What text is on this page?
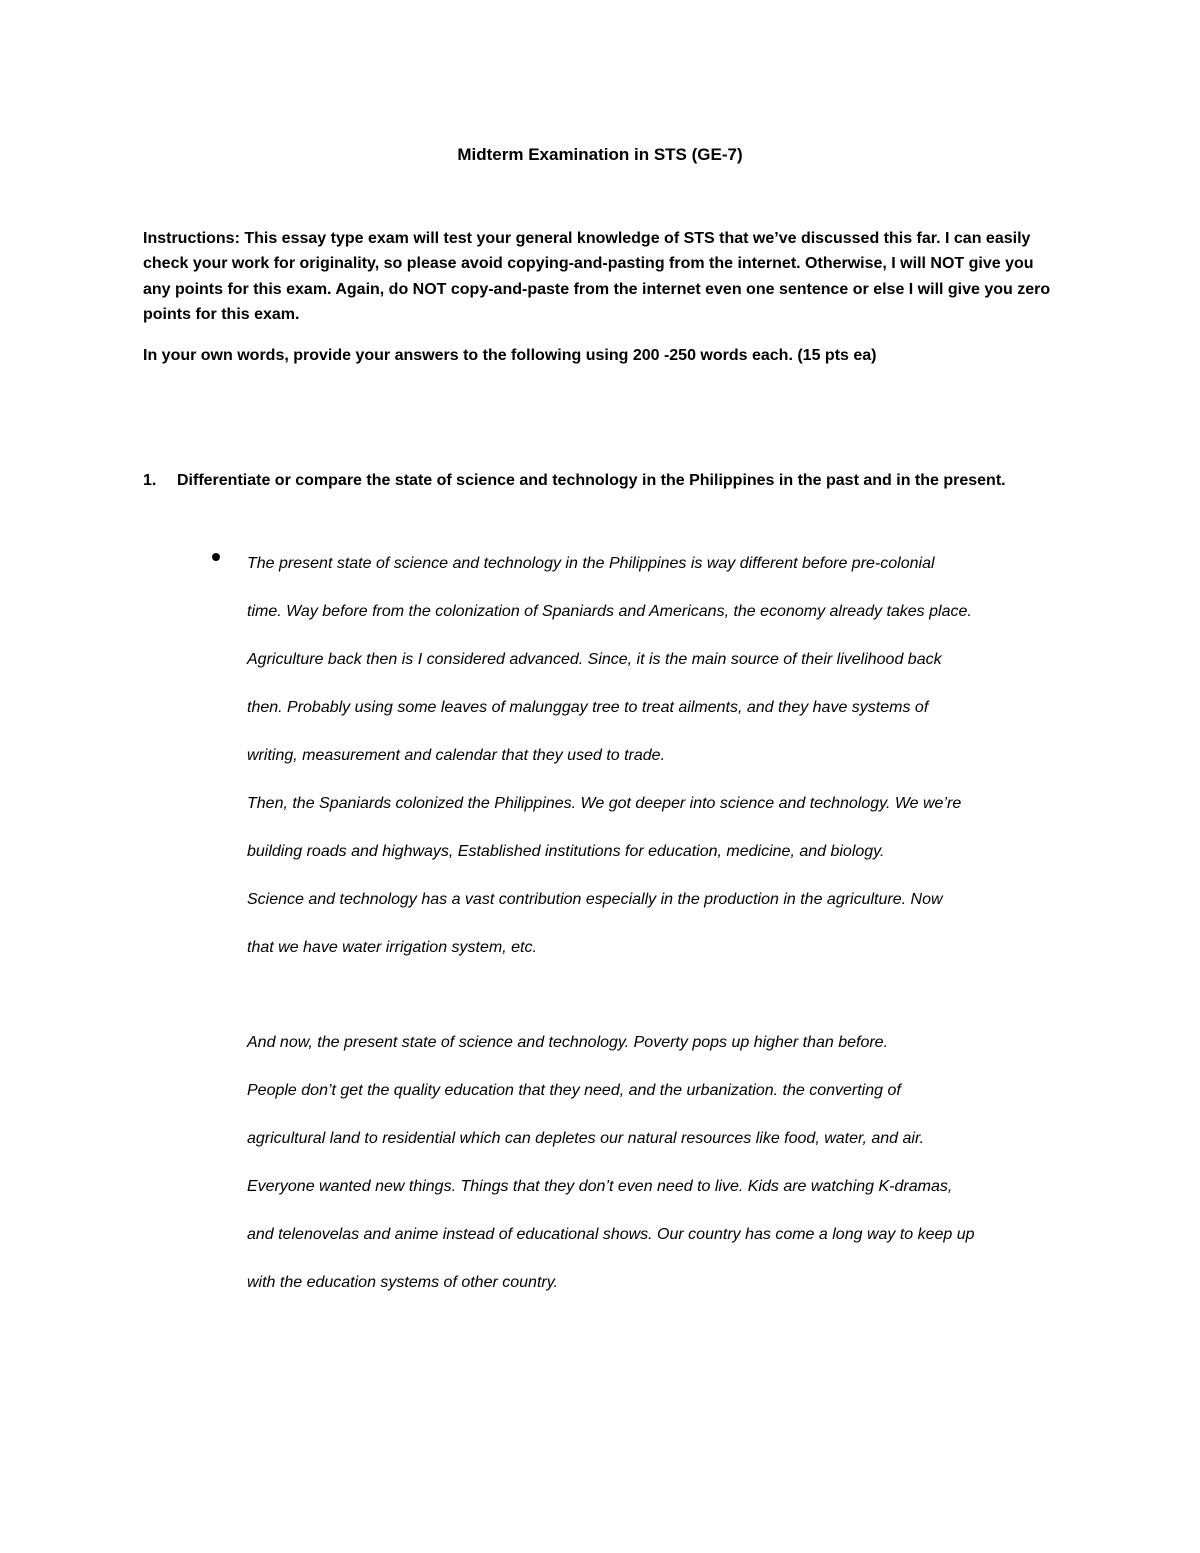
Midterm Examination in STS (GE-7)

Instructions: This essay type exam will test your general knowledge of STS that we’ve discussed this far. I can easily check your work for originality, so please avoid copying-and-pasting from the internet. Otherwise, I will NOT give you any points for this exam. Again, do NOT copy-and-paste from the internet even one sentence or else I will give you zero points for this exam.

In your own words, provide your answers to the following using 200 -250 words each. (15 pts ea)

1. Differentiate or compare the state of science and technology in the Philippines in the past and in the present.

The present state of science and technology in the Philippines is way different before pre-colonial
time. Way before from the colonization of Spaniards and Americans, the economy already takes place.
Agriculture back then is I considered advanced. Since, it is the main source of their livelihood back
then. Probably using some leaves of malunggay tree to treat ailments, and they have systems of
writing, measurement and calendar that they used to trade.
Then, the Spaniards colonized the Philippines. We got deeper into science and technology. We we’re
building roads and highways, Established institutions for education, medicine, and biology.
Science and technology has a vast contribution especially in the production in the agriculture. Now
that we have water irrigation system, etc.
And now, the present state of science and technology. Poverty pops up higher than before.
People don’t get the quality education that they need, and the urbanization. the converting of
agricultural land to residential which can depletes our natural resources like food, water, and air.
Everyone wanted new things. Things that they don’t even need to live. Kids are watching K-dramas,
and telenovelas and anime instead of educational shows. Our country has come a long way to keep up
with the education systems of other country.
